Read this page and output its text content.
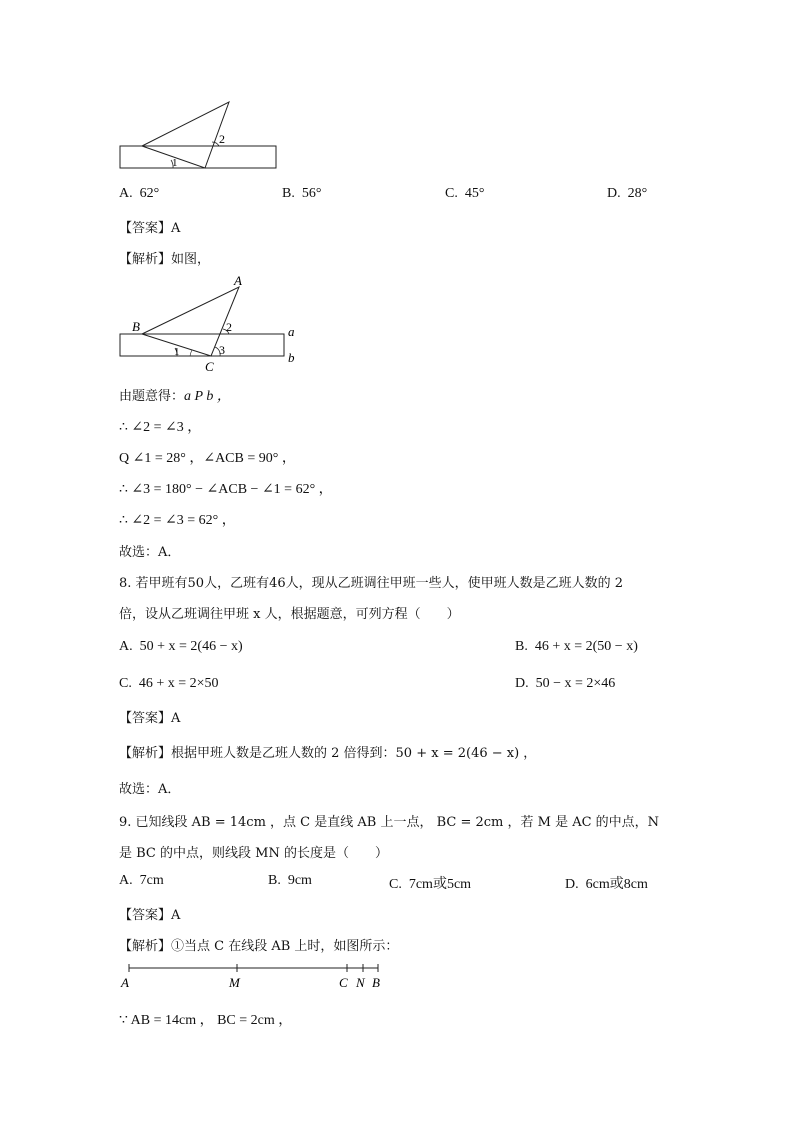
1
2
A. 62°	B. 56°	C. 45°	D. 28°
【答案】A
【解析】如图，
A
B
C
a
b
1
2
3
由题意得：a P b ，
∴ ∠2 = ∠3 ，
Q ∠1 = 28° ，∠ACB = 90° ，
∴ ∠3 = 180° − ∠ACB − ∠1 = 62° ，
∴ ∠2 = ∠3 = 62° ，
故选：A．
8. 若甲班有50人，乙班有46人，现从乙班调往甲班一些人，使甲班人数是乙班人数的 2
倍，设从乙班调往甲班 x 人，根据题意，可列方程（　　）
A. 50 + x = 2(46 − x)	B. 46 + x = 2(50 − x)
C. 46 + x = 2×50	D. 50 − x = 2×46
【答案】A
【解析】根据甲班人数是乙班人数的 2 倍得到：50 + x = 2(46 − x) ，
故选：A．
9. 已知线段 AB = 14cm ，点 C 是直线 AB 上一点， BC = 2cm ，若 M 是 AC 的中点，N
是 BC 的中点，则线段 MN 的长度是（　　）
A. 7cm	B. 9cm	C. 7cm或5cm	D. 6cm或8cm
【答案】A
【解析】①当点 C 在线段 AB 上时，如图所示：
A	M	C N B
∵ AB = 14cm ， BC = 2cm ，
